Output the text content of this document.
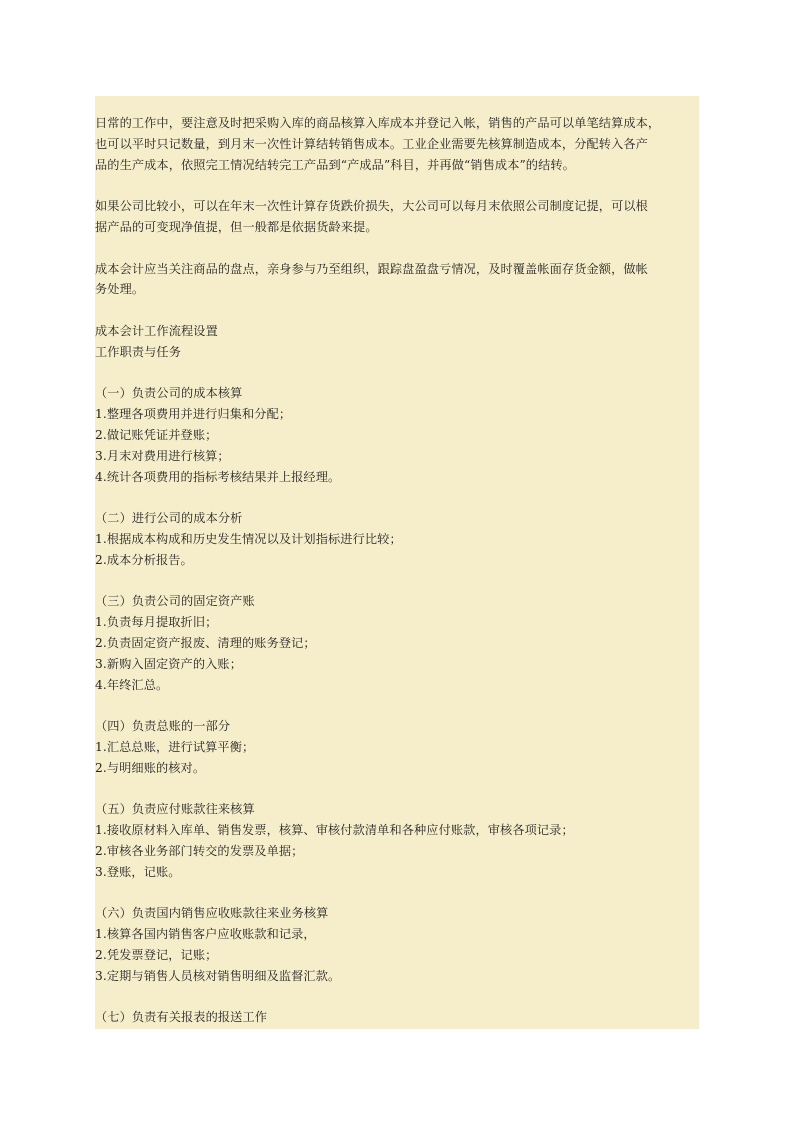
日常的工作中，要注意及时把采购入库的商品核算入库成本并登记入帐，销售的产品可以单笔结算成本，
也可以平时只记数量，到月末一次性计算结转销售成本。工业企业需要先核算制造成本，分配转入各产
品的生产成本，依照完工情况结转完工产品到“产成品”科目，并再做“销售成本”的结转。
如果公司比较小，可以在年末一次性计算存货跌价损失，大公司可以每月末依照公司制度记提，可以根
据产品的可变现净值提，但一般都是依据货龄来提。
成本会计应当关注商品的盘点，亲身参与乃至组织，跟踪盘盈盘亏情况，及时覆盖帐面存货金额，做帐
务处理。
成本会计工作流程设置
工作职责与任务
（一）负责公司的成本核算
1.整理各项费用并进行归集和分配；
2.做记账凭证并登账；
3.月末对费用进行核算；
4.统计各项费用的指标考核结果并上报经理。
（二）进行公司的成本分析
1.根据成本构成和历史发生情况以及计划指标进行比较；
2.成本分析报告。
（三）负责公司的固定资产账
1.负责每月提取折旧；
2.负责固定资产报废、清理的账务登记；
3.新购入固定资产的入账；
4.年终汇总。
（四）负责总账的一部分
1.汇总总账，进行试算平衡；
2.与明细账的核对。
（五）负责应付账款往来核算
1.接收原材料入库单、销售发票，核算、审核付款清单和各种应付账款，审核各项记录；
2.审核各业务部门转交的发票及单据；
3.登账，记账。
（六）负责国内销售应收账款往来业务核算
1.核算各国内销售客户应收账款和记录，
2.凭发票登记，记账；
3.定期与销售人员核对销售明细及监督汇款。
（七）负责有关报表的报送工作
